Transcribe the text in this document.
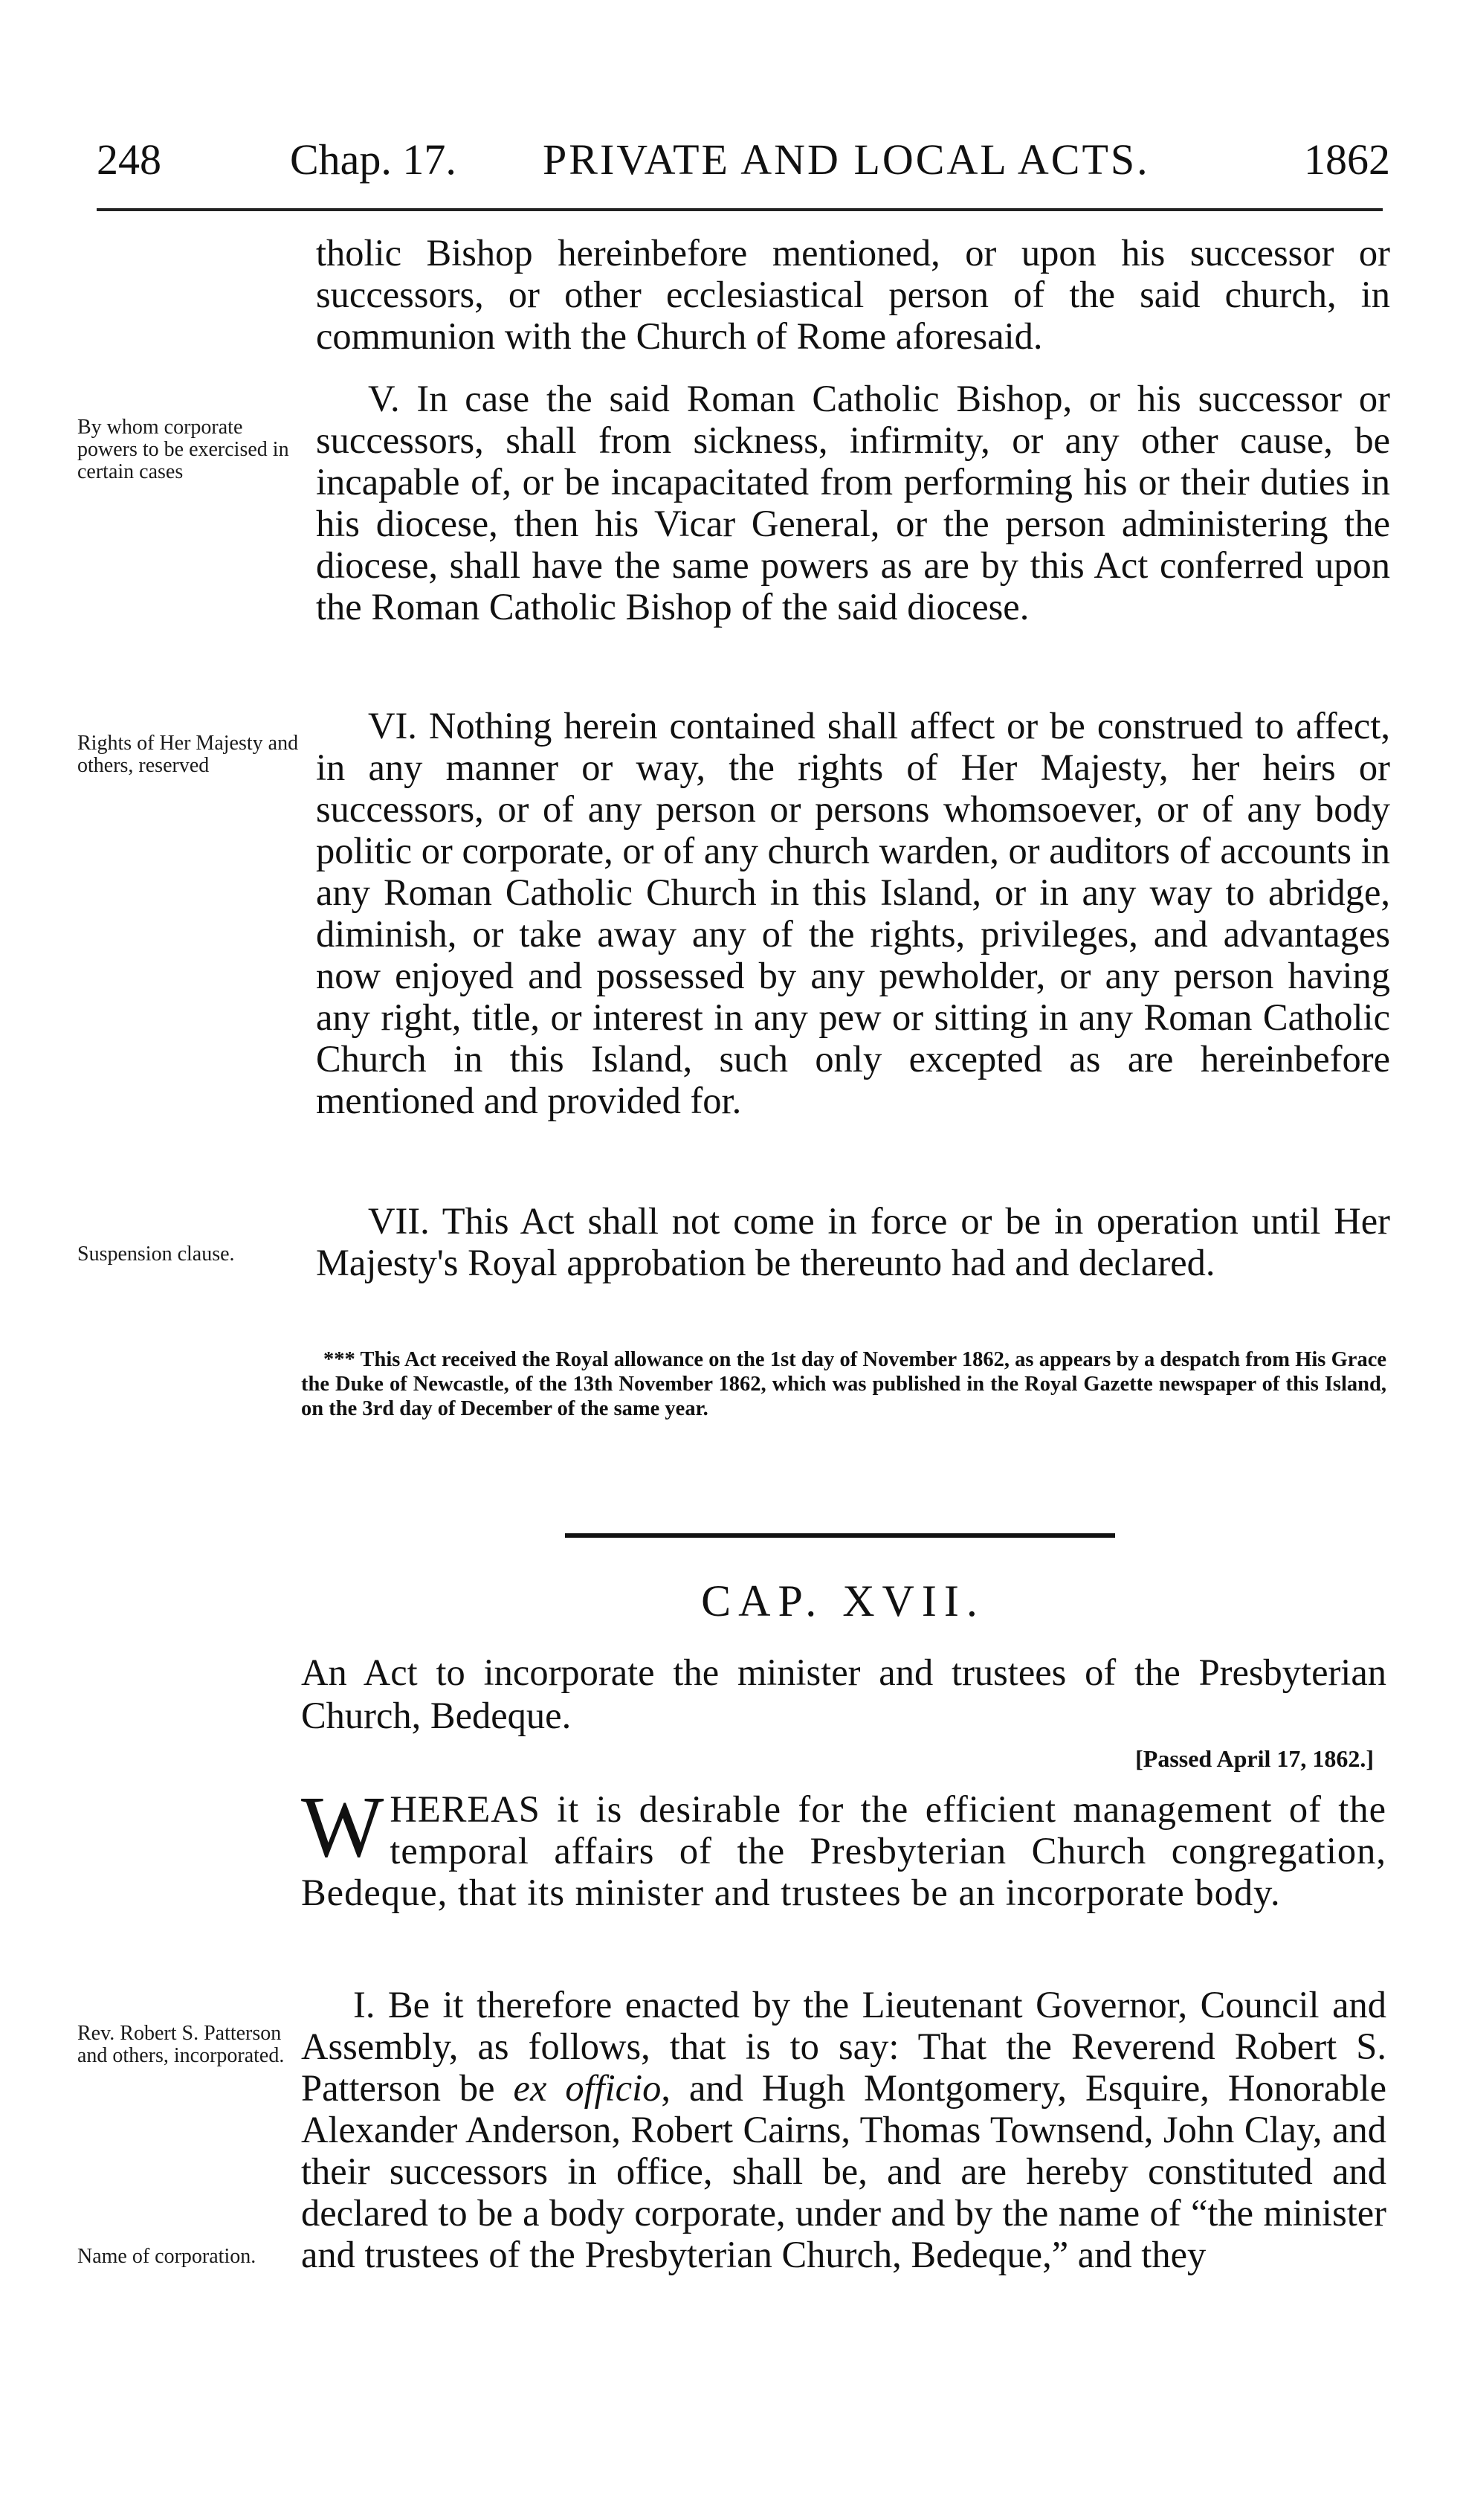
248	Chap. 17. PRIVATE AND LOCAL ACTS.	1862

tholic Bishop hereinbefore mentioned, or upon his successor or successors, or other ecclesiastical person of the said church, in communion with the Church of Rome aforesaid.

By whom corporate powers to be exercised in certain cases

V. In case the said Roman Catholic Bishop, or his successor or successors, shall from sickness, infirmity, or any other cause, be incapable of, or be incapacitated from performing his or their duties in his diocese, then his Vicar General, or the person administering the diocese, shall have the same powers as are by this Act conferred upon the Roman Catholic Bishop of the said diocese.

Rights of Her Majesty and others, reserved

VI. Nothing herein contained shall affect or be construed to affect, in any manner or way, the rights of Her Majesty, her heirs or successors, or of any person or persons whomsoever, or of any body politic or corporate, or of any church warden, or auditors of accounts in any Roman Catholic Church in this Island, or in any way to abridge, diminish, or take away any of the rights, privileges, and advantages now enjoyed and possessed by any pewholder, or any person having any right, title, or interest in any pew or sitting in any Roman Catholic Church in this Island, such only excepted as are hereinbefore mentioned and provided for.

Suspension clause.

VII. This Act shall not come in force or be in operation until Her Majesty's Royal approbation be thereunto had and declared.

*** This Act received the Royal allowance on the 1st day of November 1862, as appears by a despatch from His Grace the Duke of Newcastle, of the 13th November 1862, which was published in the Royal Gazette newspaper of this Island, on the 3rd day of December of the same year.
CAP. XVII.
An Act to incorporate the minister and trustees of the Presbyterian Church, Bedeque.
[Passed April 17, 1862.]
WHEREAS it is desirable for the efficient management of the temporal affairs of the Presbyterian Church congregation, Bedeque, that its minister and trustees be an incorporate body.
Rev. Robert S. Patterson and others, incorporated.
Name of corporation.

I. Be it therefore enacted by the Lieutenant Governor, Council and Assembly, as follows, that is to say: That the Reverend Robert S. Patterson be ex officio, and Hugh Montgomery, Esquire, Honorable Alexander Anderson, Robert Cairns, Thomas Townsend, John Clay, and their successors in office, shall be, and are hereby constituted and declared to be a body corporate, under and by the name of “the minister and trustees of the Presbyterian Church, Bedeque,” and they
